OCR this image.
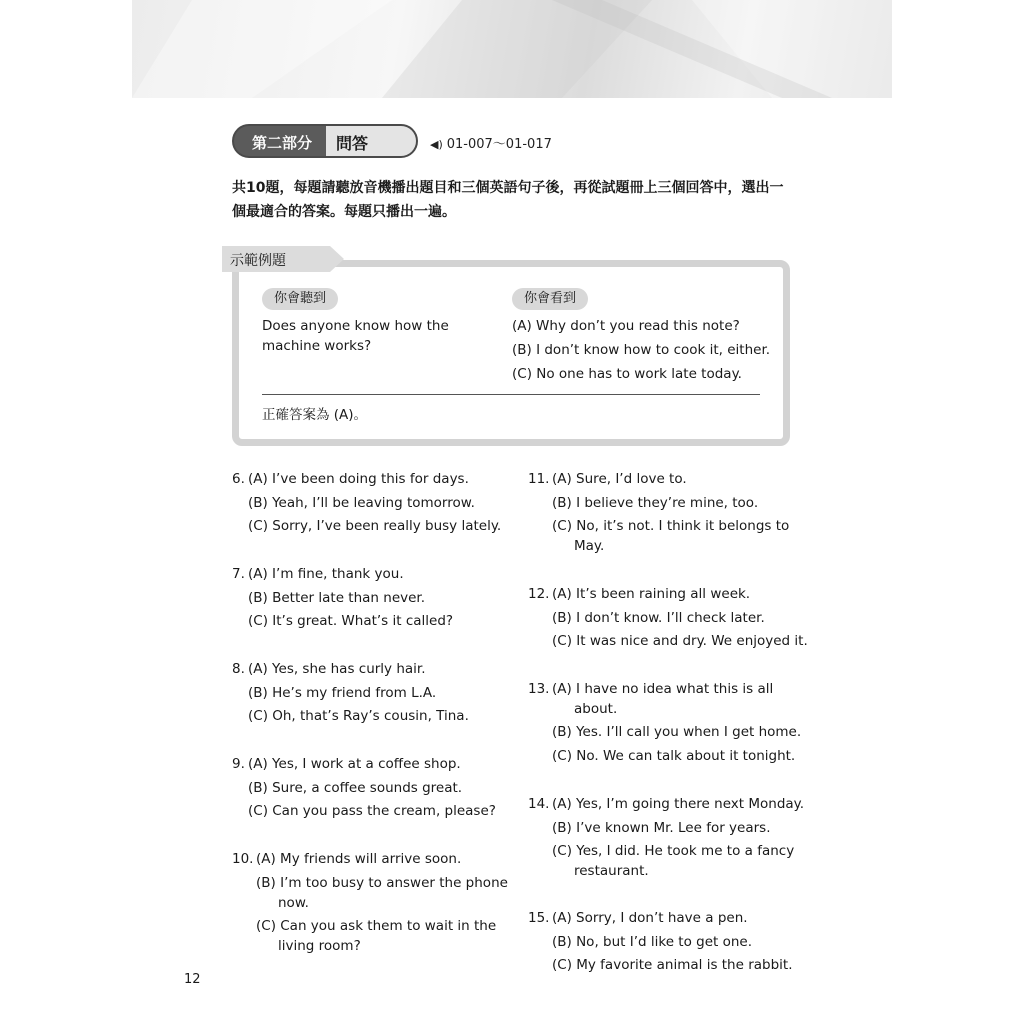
第二部分 問答	◀) 01-007～01-017
共10題，每題請聽放音機播出題目和三個英語句子後，再從試題冊上三個回答中，選出一
個最適合的答案。每題只播出一遍。
示範例題
你會聽到
Does anyone know how the
machine works?
你會看到
(A) Why don’t you read this note?
(B) I don’t know how to cook it, either.
(C) No one has to work late today.
正確答案為 (A)。
6. (A) I’ve been doing this for days.
(B) Yeah, I’ll be leaving tomorrow.
(C) Sorry, I’ve been really busy lately.
7. (A) I’m fine, thank you.
(B) Better late than never.
(C) It’s great. What’s it called?
8. (A) Yes, she has curly hair.
(B) He’s my friend from L.A.
(C) Oh, that’s Ray’s cousin, Tina.
9. (A) Yes, I work at a coffee shop.
(B) Sure, a coffee sounds great.
(C) Can you pass the cream, please?
10. (A) My friends will arrive soon.
(B) I’m too busy to answer the phone
now.
(C) Can you ask them to wait in the
living room?
11. (A) Sure, I’d love to.
(B) I believe they’re mine, too.
(C) No, it’s not. I think it belongs to
May.
12. (A) It’s been raining all week.
(B) I don’t know. I’ll check later.
(C) It was nice and dry. We enjoyed it.
13. (A) I have no idea what this is all
about.
(B) Yes. I’ll call you when I get home.
(C) No. We can talk about it tonight.
14. (A) Yes, I’m going there next Monday.
(B) I’ve known Mr. Lee for years.
(C) Yes, I did. He took me to a fancy
restaurant.
15. (A) Sorry, I don’t have a pen.
(B) No, but I’d like to get one.
(C) My favorite animal is the rabbit.
12
